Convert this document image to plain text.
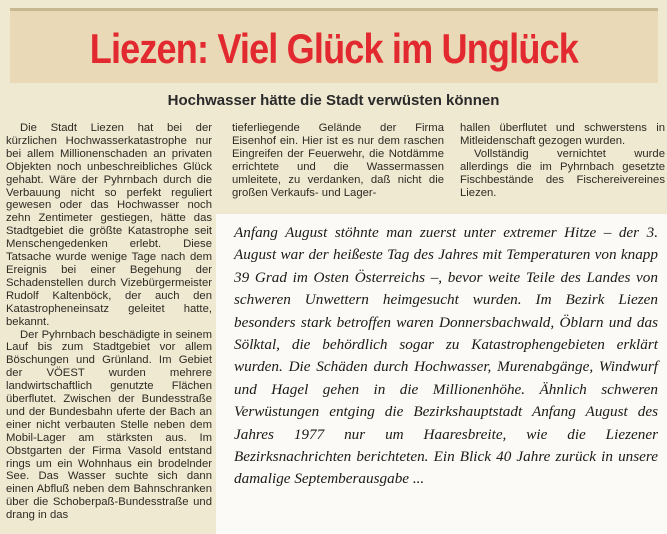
Liezen: Viel Glück im Unglück
Hochwasser hätte die Stadt verwüsten können

Die Stadt Liezen hat bei der kürzlichen Hochwasserkatastrophe nur bei allem Millionenschaden an privaten Objekten noch unbeschreibliches Glück gehabt. Wäre der Pyhrnbach durch die Verbauung nicht so perfekt reguliert gewesen oder das Hochwasser noch zehn Zentimeter gestiegen, hätte das Stadtgebiet die größte Katastrophe seit Menschengedenken erlebt. Diese Tatsache wurde wenige Tage nach dem Ereignis bei einer Begehung der Schadenstellen durch Vizebürgermeister Rudolf Kaltenböck, der auch den Katastropheneinsatz geleitet hatte, bekannt.

Der Pyhrnbach beschädigte in seinem Lauf bis zum Stadtgebiet vor allem Böschungen und Grünland. Im Gebiet der VÖEST wurden mehrere landwirtschaftlich genutzte Flächen überflutet. Zwischen der Bundesstraße und der Bundesbahn uferte der Bach an einer nicht verbauten Stelle neben dem Mobil-Lager am stärksten aus. Im Obstgarten der Firma Vasold entstand rings um ein Wohnhaus ein brodelnder See. Das Wasser suchte sich dann einen Abfluß neben dem Bahnschranken über die Schoberpaß-Bundesstraße und drang in das

tieferliegende Gelände der Firma Eisenhof ein. Hier ist es nur dem raschen Eingreifen der Feuerwehr, die Notdämme errichtete und die Wassermassen umleitete, zu verdanken, daß nicht die großen Verkaufs- und Lager-

hallen überflutet und schwerstens in Mitleidenschaft gezogen wurden.

Vollständig vernichtet wurde allerdings die im Pyhrnbach gesetzte Fischbestände des Fischereivereines Liezen.

Anfang August stöhnte man zuerst unter extremer Hitze – der 3. August war der heißeste Tag des Jahres mit Temperaturen von knapp 39 Grad im Osten Österreichs –, bevor weite Teile des Landes von schweren Unwettern heimgesucht wurden. Im Bezirk Liezen besonders stark betroffen waren Donnersbachwald, Öblarn und das Sölktal, die behördlich sogar zu Katastrophengebieten erklärt wurden. Die Schäden durch Hochwasser, Murenabgänge, Windwurf und Hagel gehen in die Millionenhöhe. Ähnlich schweren Verwüstungen entging die Bezirkshauptstadt Anfang August des Jahres 1977 nur um Haaresbreite, wie die Liezener Bezirksnachrichten berichteten. Ein Blick 40 Jahre zurück in unsere damalige Septemberausgabe ...
